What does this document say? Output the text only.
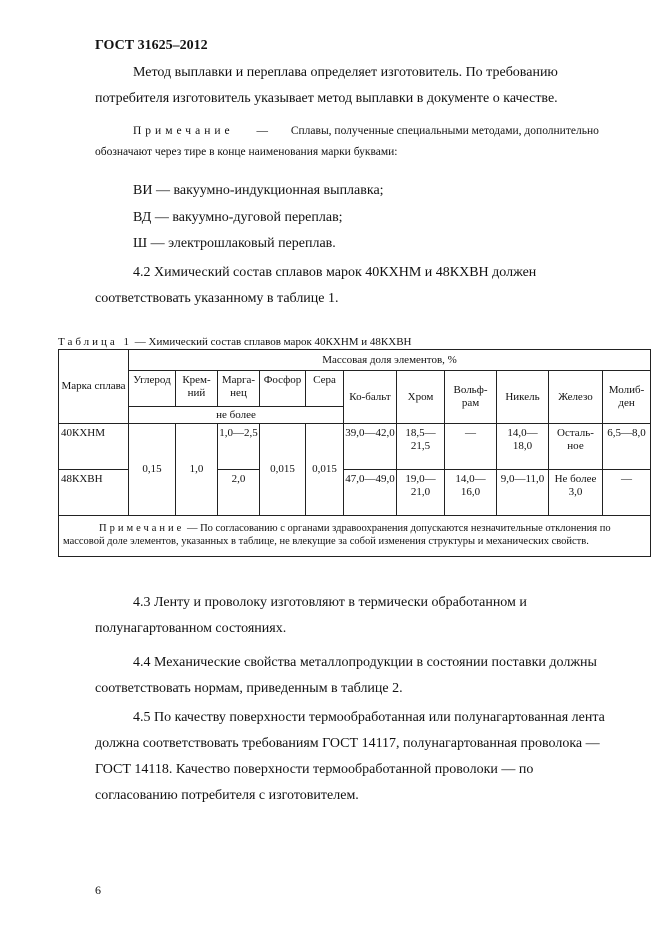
ГОСТ 31625–2012

Метод выплавки и переплава определяет изготовитель. По требованию потребителя изготовитель указывает метод выплавки в документе о качестве.

Примечание — Сплавы, полученные специальными методами, дополнительно обозначают через тире в конце наименования марки буквами:

ВИ — вакуумно-индукционная выплавка;

ВД — вакуумно-дуговой переплав;

Ш — электрошлаковый переплав.

4.2 Химический состав сплавов марок 40КХНМ и 48КХВН должен соответствовать указанному в таблице 1.

Таблица 1 — Химический состав сплавов марок 40КХНМ и 48КХВН
Марка сплава	Массовая доля элементов, %										
	Углерод	Крем-ний	Марга-нец	Фосфор	Сера	Ко-бальт	Хром	Вольф-рам	Никель	Железо	Молиб-ден
	не более										
40КХНМ	0,15	1,0	1,0—2,5	0,015	0,015	39,0—42,0	18,5—21,5	—	14,0—18,0	Осталь-ное	6,5—8,0
48КХВН			2,0			47,0—49,0	19,0—21,0	14,0—16,0	9,0—11,0	Не более 3,0	—
Примечание — По согласованию с органами здравоохранения допускаются незначительные отклонения по массовой доле элементов, указанных в таблице, не влекущие за собой изменения структуры и механических свойств.											

4.3 Ленту и проволоку изготовляют в термически обработанном и полунагартованном состояниях.

4.4 Механические свойства металлопродукции в состоянии поставки должны соответствовать нормам, приведенным в таблице 2.

4.5 По качеству поверхности термообработанная или полунагартованная лента должна соответствовать требованиям ГОСТ 14117, полунагартованная проволока — ГОСТ 14118. Качество поверхности термообработанной проволоки — по согласованию потребителя с изготовителем.

6
